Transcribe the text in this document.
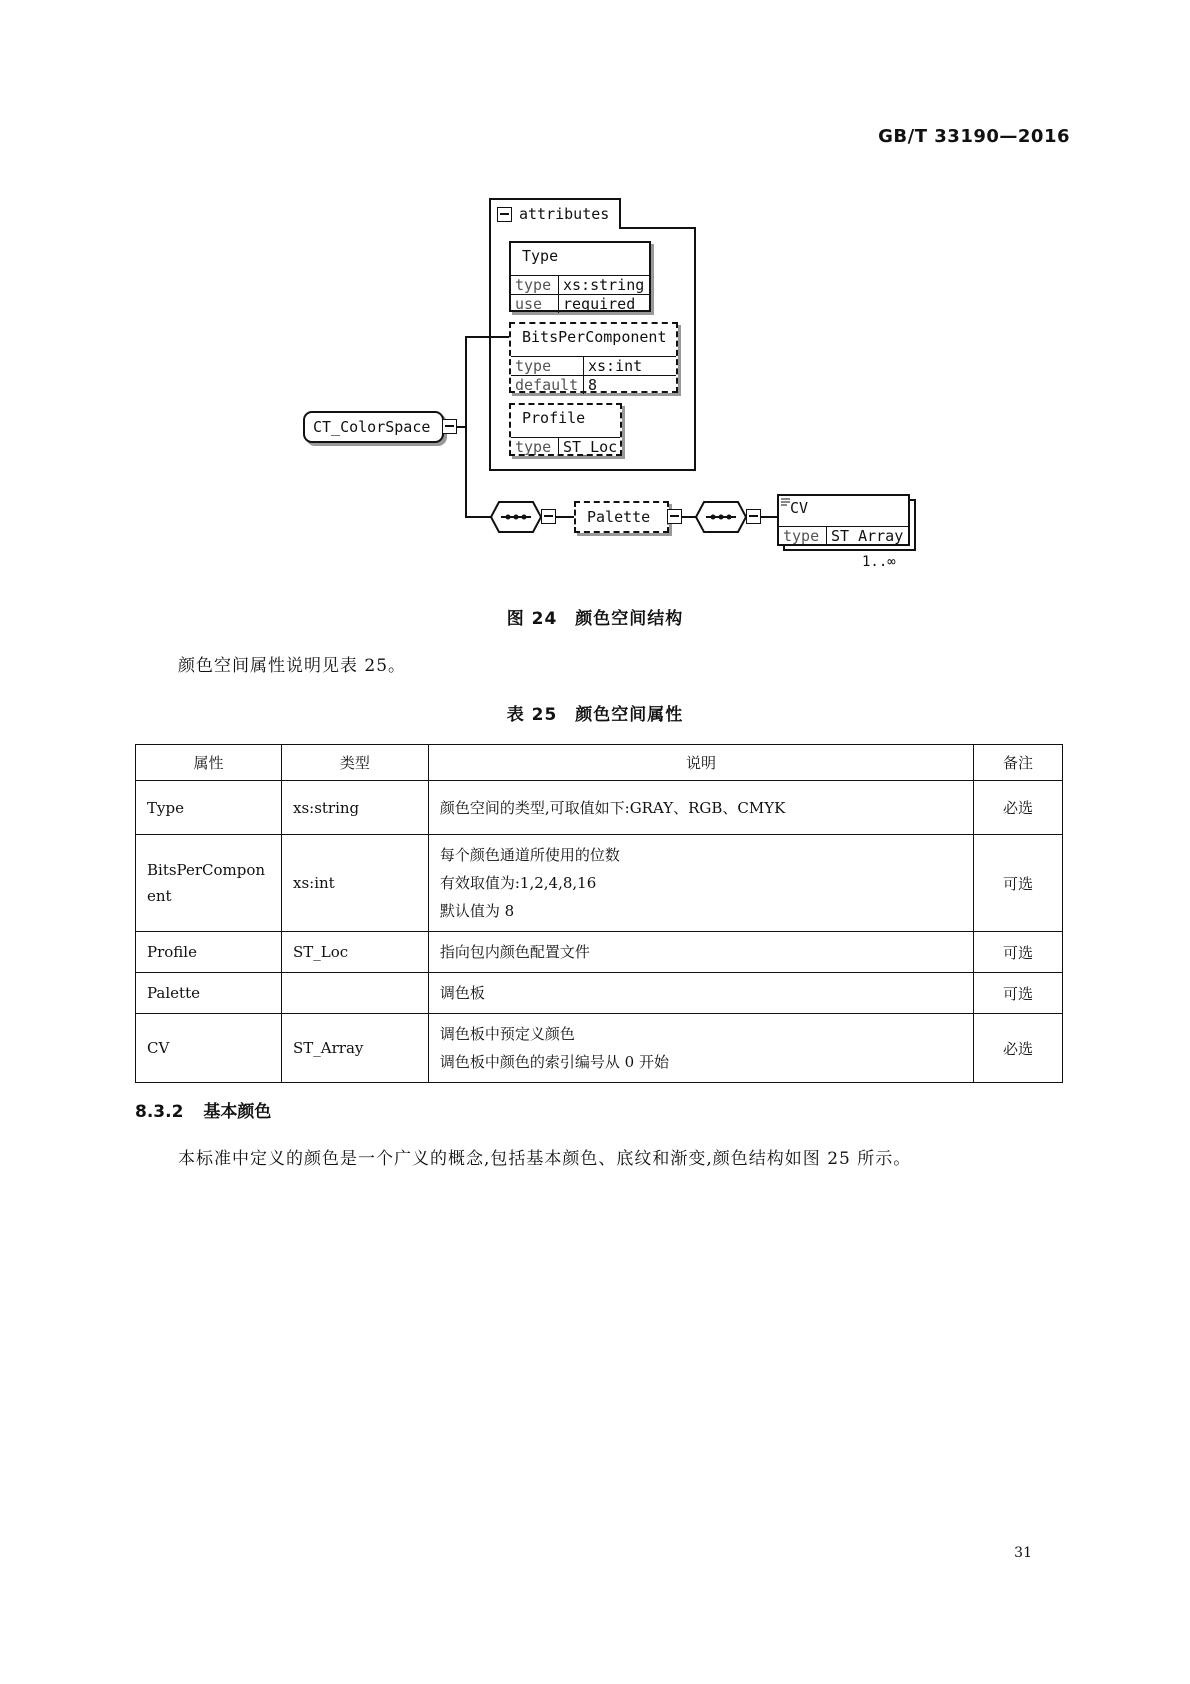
GB/T 33190—2016
attributes
Type
type xs:string
use	required
BitsPerComponent
type	xs:int
default 8
Profile
type ST_Loc
CT_ColorSpace
Palette	CV
type ST_Array
1..∞
图 24　颜色空间结构
颜色空间属性说明见表 25。
表 25　颜色空间属性
属性	类型	说明	备注
Type	xs:string	颜色空间的类型,可取值如下:GRAY、RGB、CMYK	必选

BitsPerComponent	xs:int	每个颜色通道所使用的位数
有效取值为:1,2,4,8,16
默认值为 8	可选
Profile	ST_Loc	指向包内颜色配置文件	可选
Palette		调色板	可选
CV	ST_Array	调色板中预定义颜色
调色板中颜色的索引编号从 0 开始	必选
8.3.2 基本颜色
本标准中定义的颜色是一个广义的概念,包括基本颜色、底纹和渐变,颜色结构如图 25 所示。
31
